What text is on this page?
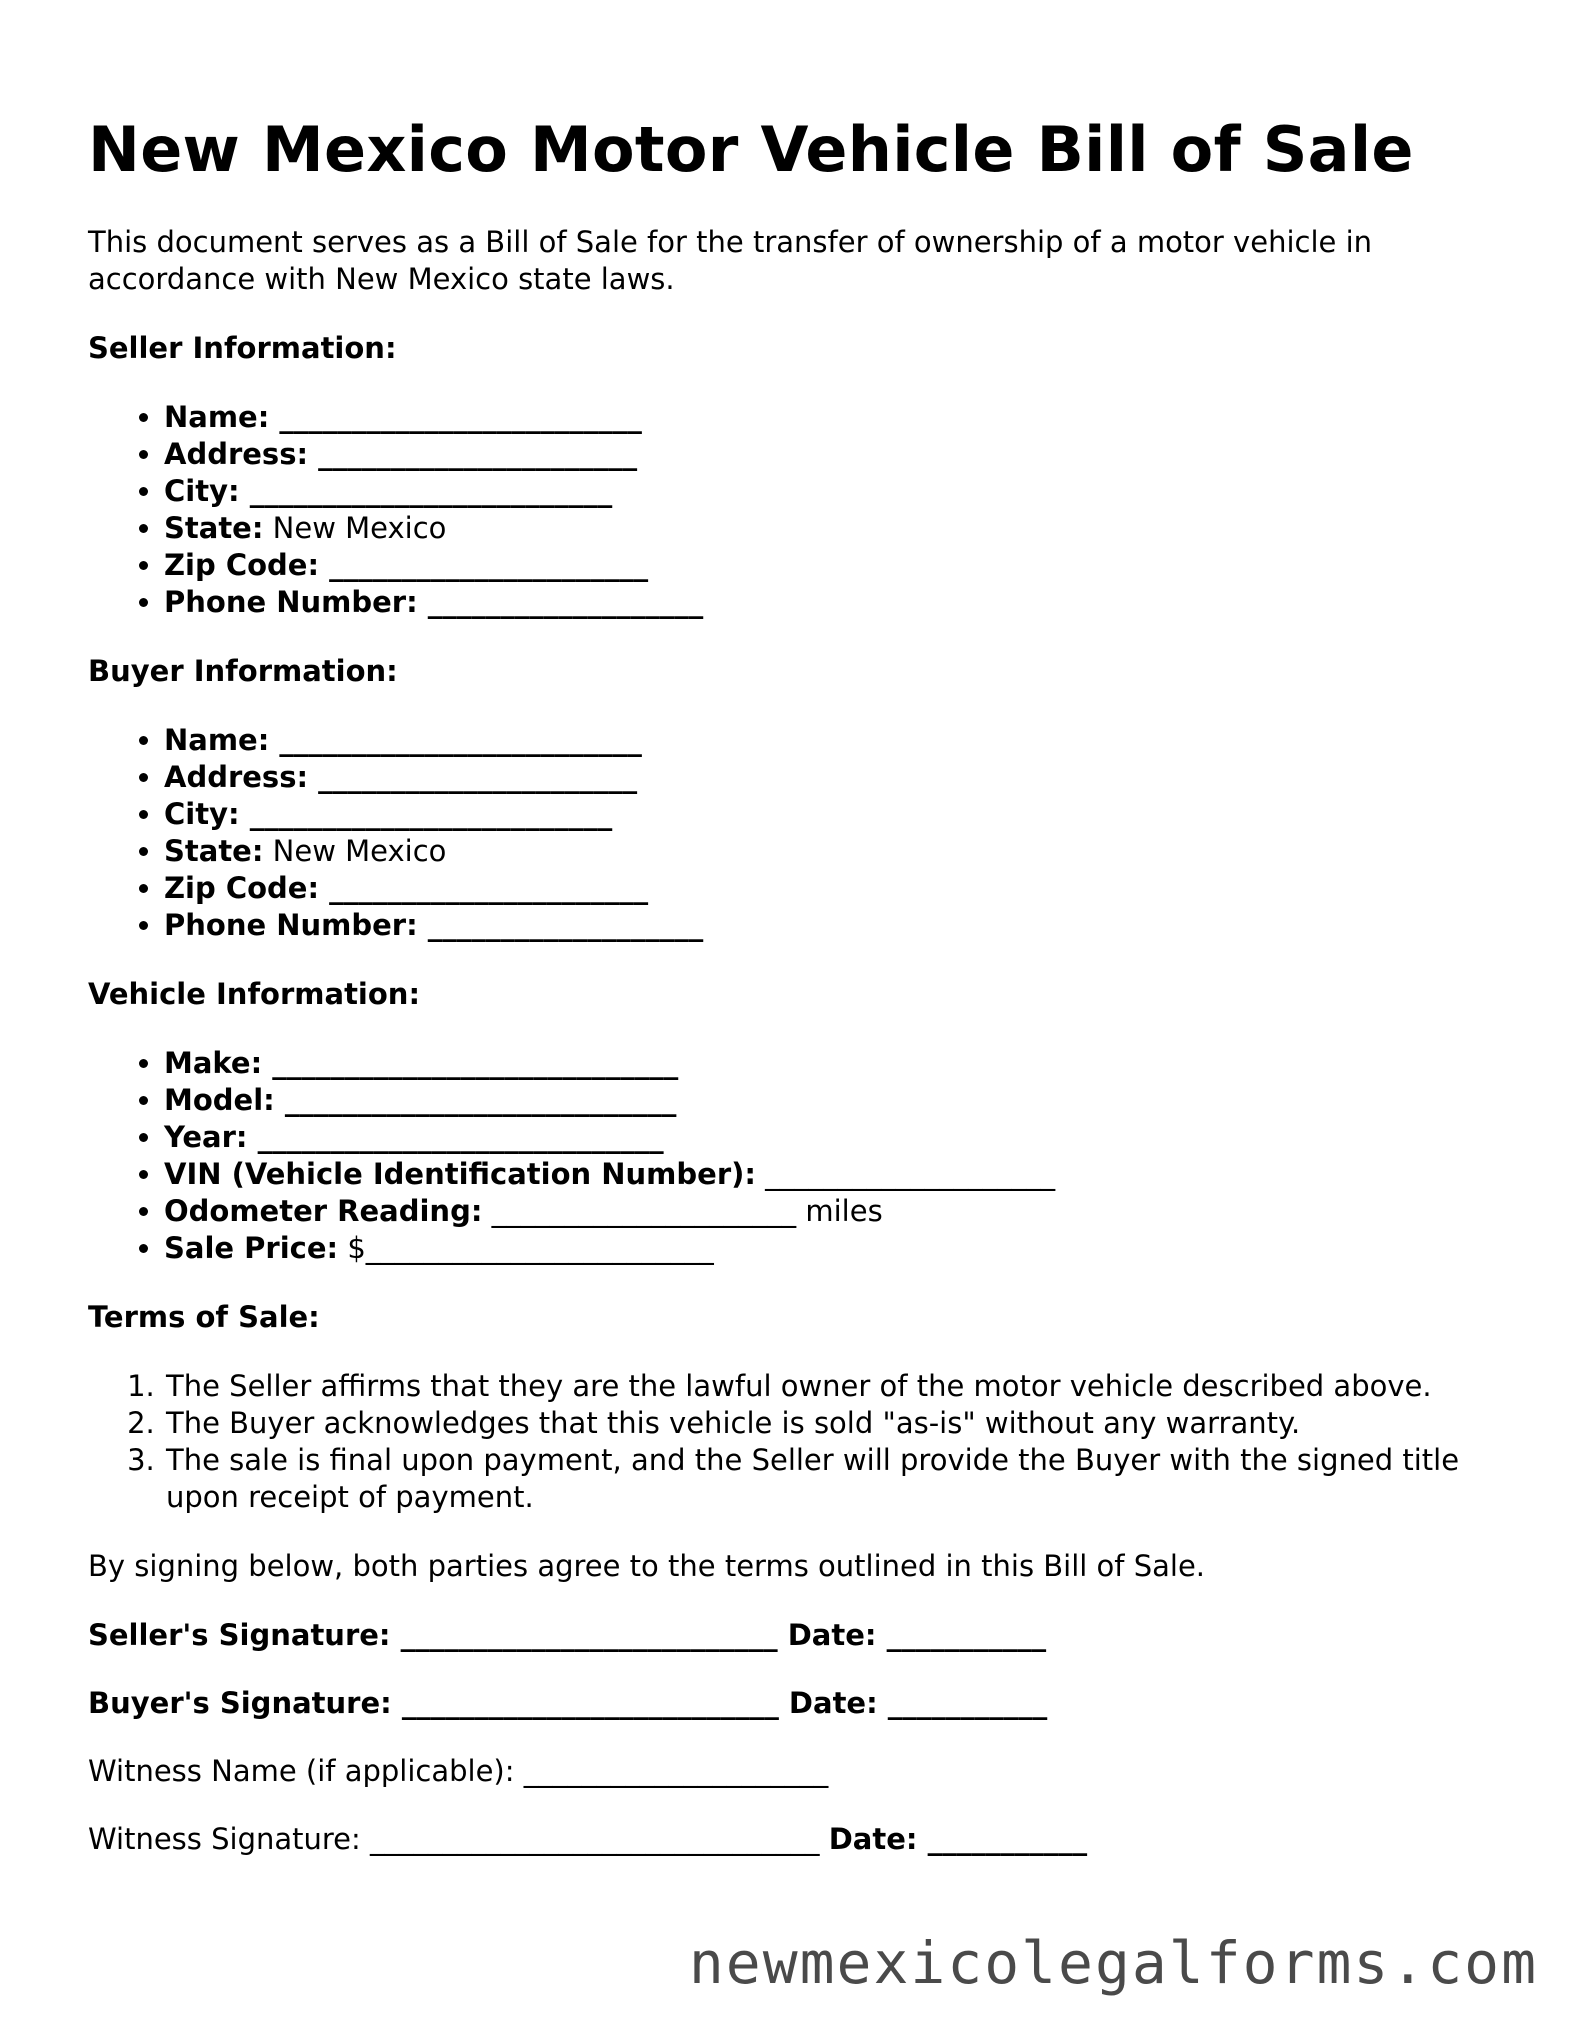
New Mexico Motor Vehicle Bill of Sale

This document serves as a Bill of Sale for the transfer of ownership of a motor vehicle in accordance with New Mexico state laws.

Seller Information:
• Name: _________________________
• Address: ______________________
• City: _________________________
• State: New Mexico
• Zip Code: ______________________
• Phone Number: ___________________
Buyer Information:
• Name: _________________________
• Address: ______________________
• City: _________________________
• State: New Mexico
• Zip Code: ______________________
• Phone Number: ___________________
Vehicle Information:
• Make: ____________________________
• Model: ___________________________
• Year: ____________________________
• VIN (Vehicle Identification Number): ____________________
• Odometer Reading: _____________________ miles
• Sale Price: $________________________
Terms of Sale:
1. The Seller affirms that they are the lawful owner of the motor vehicle described above.
2. The Buyer acknowledges that this vehicle is sold "as-is" without any warranty.
3. The sale is final upon payment, and the Seller will provide the Buyer with the signed title upon receipt of payment.

By signing below, both parties agree to the terms outlined in this Bill of Sale.

Seller's Signature: __________________________ Date: ___________

Buyer's Signature: __________________________ Date: ___________

Witness Name (if applicable): _____________________

Witness Signature: _______________________________ Date: ___________

newmexicolegalforms.com
